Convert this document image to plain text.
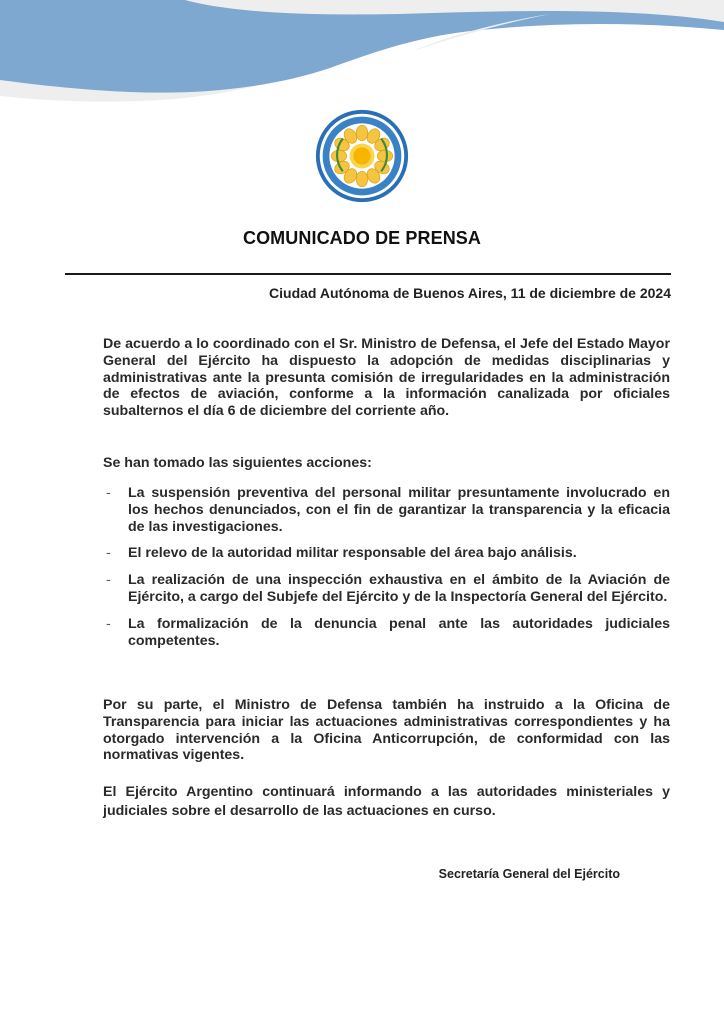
COMUNICADO DE PRENSA
Ciudad Autónoma de Buenos Aires, 11 de diciembre de 2024

De acuerdo a lo coordinado con el Sr. Ministro de Defensa, el Jefe del Estado Mayor General del Ejército ha dispuesto la adopción de medidas disciplinarias y administrativas ante la presunta comisión de irregularidades en la administración de efectos de aviación, conforme a la información canalizada por oficiales subalternos el día 6 de diciembre del corriente año.

Se han tomado las siguientes acciones:

- La suspensión preventiva del personal militar presuntamente involucrado en los hechos denunciados, con el fin de garantizar la transparencia y la eficacia de las investigaciones.
- El relevo de la autoridad militar responsable del área bajo análisis.
- La realización de una inspección exhaustiva en el ámbito de la Aviación de Ejército, a cargo del Subjefe del Ejército y de la Inspectoría General del Ejército.
- La formalización de la denuncia penal ante las autoridades judiciales competentes.

Por su parte, el Ministro de Defensa también ha instruido a la Oficina de Transparencia para iniciar las actuaciones administrativas correspondientes y ha otorgado intervención a la Oficina Anticorrupción, de conformidad con las normativas vigentes.

El Ejército Argentino continuará informando a las autoridades ministeriales y judiciales sobre el desarrollo de las actuaciones en curso.

Secretaría General del Ejército
